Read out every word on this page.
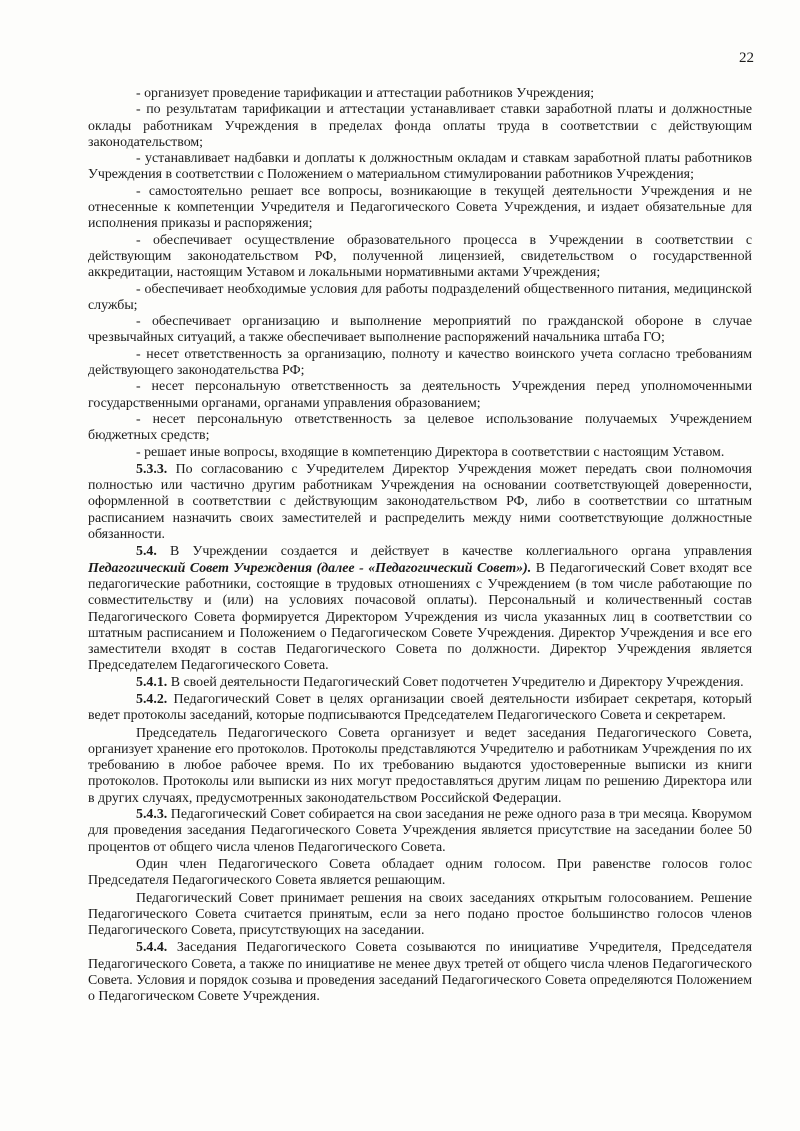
22

- организует проведение тарификации и аттестации работников Учреждения;

- по результатам тарификации и аттестации устанавливает ставки заработной платы и должностные оклады работникам Учреждения в пределах фонда оплаты труда в соответствии с действующим законодательством;

- устанавливает надбавки и доплаты к должностным окладам и ставкам заработной платы работников Учреждения в соответствии с Положением о материальном стимулировании работников Учреждения;

- самостоятельно решает все вопросы, возникающие в текущей деятельности Учреждения и не отнесенные к компетенции Учредителя и Педагогического Совета Учреждения, и издает обязательные для исполнения приказы и распоряжения;

- обеспечивает осуществление образовательного процесса в Учреждении в соответствии с действующим законодательством РФ, полученной лицензией, свидетельством о государственной аккредитации, настоящим Уставом и локальными нормативными актами Учреждения;

- обеспечивает необходимые условия для работы подразделений общественного питания, медицинской службы;

- обеспечивает организацию и выполнение мероприятий по гражданской обороне в случае чрезвычайных ситуаций, а также обеспечивает выполнение распоряжений начальника штаба ГО;

- несет ответственность за организацию, полноту и качество воинского учета согласно требованиям действующего законодательства РФ;

- несет персональную ответственность за деятельность Учреждения перед уполномоченными государственными органами, органами управления образованием;

- несет персональную ответственность за целевое использование получаемых Учреждением бюджетных средств;

- решает иные вопросы, входящие в компетенцию Директора в соответствии с настоящим Уставом.

5.3.3. По согласованию с Учредителем Директор Учреждения может передать свои полномочия полностью или частично другим работникам Учреждения на основании соответствующей доверенности, оформленной в соответствии с действующим законодательством РФ, либо в соответствии со штатным расписанием назначить своих заместителей и распределить между ними соответствующие должностные обязанности.

5.4. В Учреждении создается и действует в качестве коллегиального органа управления Педагогический Совет Учреждения (далее - «Педагогический Совет»). В Педагогический Совет входят все педагогические работники, состоящие в трудовых отношениях с Учреждением (в том числе работающие по совместительству и (или) на условиях почасовой оплаты). Персональный и количественный состав Педагогического Совета формируется Директором Учреждения из числа указанных лиц в соответствии со штатным расписанием и Положением о Педагогическом Совете Учреждения. Директор Учреждения и все его заместители входят в состав Педагогического Совета по должности. Директор Учреждения является Председателем Педагогического Совета.

5.4.1. В своей деятельности Педагогический Совет подотчетен Учредителю и Директору Учреждения.

5.4.2. Педагогический Совет в целях организации своей деятельности избирает секретаря, который ведет протоколы заседаний, которые подписываются Председателем Педагогического Совета и секретарем.

Председатель Педагогического Совета организует и ведет заседания Педагогического Совета, организует хранение его протоколов. Протоколы представляются Учредителю и работникам Учреждения по их требованию в любое рабочее время. По их требованию выдаются удостоверенные выписки из книги протоколов. Протоколы или выписки из них могут предоставляться другим лицам по решению Директора или в других случаях, предусмотренных законодательством Российской Федерации.

5.4.3. Педагогический Совет собирается на свои заседания не реже одного раза в три месяца. Кворумом для проведения заседания Педагогического Совета Учреждения является присутствие на заседании более 50 процентов от общего числа членов Педагогического Совета.

Один член Педагогического Совета обладает одним голосом. При равенстве голосов голос Председателя Педагогического Совета является решающим.

Педагогический Совет принимает решения на своих заседаниях открытым голосованием. Решение Педагогического Совета считается принятым, если за него подано простое большинство голосов членов Педагогического Совета, присутствующих на заседании.

5.4.4. Заседания Педагогического Совета созываются по инициативе Учредителя, Председателя Педагогического Совета, а также по инициативе не менее двух третей от общего числа членов Педагогического Совета. Условия и порядок созыва и проведения заседаний Педагогического Совета определяются Положением о Педагогическом Совете Учреждения.
